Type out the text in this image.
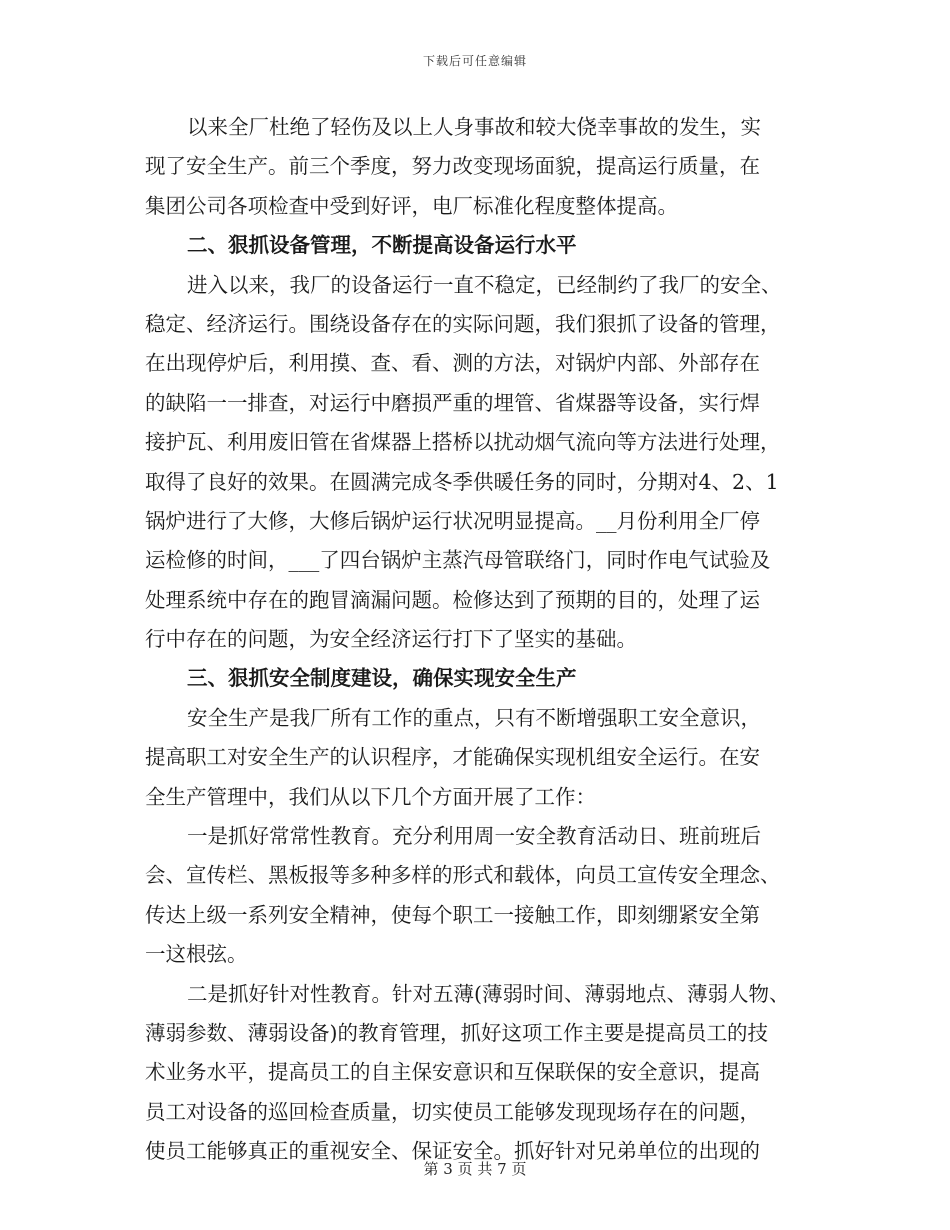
下载后可任意编辑
以来全厂杜绝了轻伤及以上人身事故和较大侥幸事故的发生，实
现了安全生产。前三个季度，努力改变现场面貌，提高运行质量，在
集团公司各项检查中受到好评，电厂标准化程度整体提高。
二、狠抓设备管理，不断提高设备运行水平
进入以来，我厂的设备运行一直不稳定，已经制约了我厂的安全、
稳定、经济运行。围绕设备存在的实际问题，我们狠抓了设备的管理，
在出现停炉后，利用摸、查、看、测的方法，对锅炉内部、外部存在
的缺陷一一排查，对运行中磨损严重的埋管、省煤器等设备，实行焊
接护瓦、利用废旧管在省煤器上搭桥以扰动烟气流向等方法进行处理，
取得了良好的效果。在圆满完成冬季供暖任务的同时，分期对4、2、1
锅炉进行了大修，大修后锅炉运行状况明显提高。__月份利用全厂停
运检修的时间，___了四台锅炉主蒸汽母管联络门，同时作电气试验及
处理系统中存在的跑冒滴漏问题。检修达到了预期的目的，处理了运
行中存在的问题，为安全经济运行打下了坚实的基础。
三、狠抓安全制度建设，确保实现安全生产
安全生产是我厂所有工作的重点，只有不断增强职工安全意识，
提高职工对安全生产的认识程序，才能确保实现机组安全运行。在安
全生产管理中，我们从以下几个方面开展了工作：
一是抓好常常性教育。充分利用周一安全教育活动日、班前班后
会、宣传栏、黑板报等多种多样的形式和载体，向员工宣传安全理念、
传达上级一系列安全精神，使每个职工一接触工作，即刻绷紧安全第
一这根弦。
二是抓好针对性教育。针对五薄(薄弱时间、薄弱地点、薄弱人物、
薄弱参数、薄弱设备)的教育管理，抓好这项工作主要是提高员工的技
术业务水平，提高员工的自主保安意识和互保联保的安全意识，提高
员工对设备的巡回检查质量，切实使员工能够发现现场存在的问题，
使员工能够真正的重视安全、保证安全。抓好针对兄弟单位的出现的
第 3 页 共 7 页
